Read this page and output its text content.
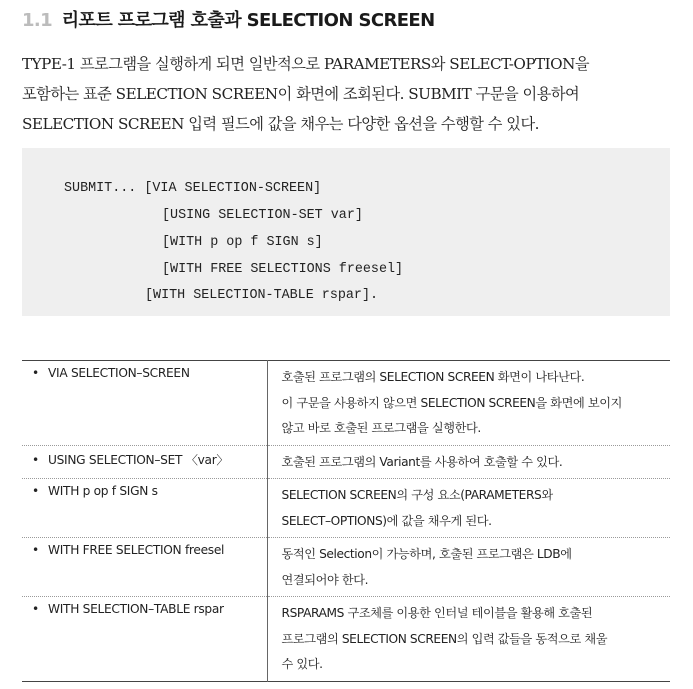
1.1 리포트 프로그램 호출과 SELECTION SCREEN
TYPE-1 프로그램을 실행하게 되면 일반적으로 PARAMETERS와 SELECT-OPTION을
포함하는 표준 SELECTION SCREEN이 화면에 조회된다. SUBMIT 구문을 이용하여
SELECTION SCREEN 입력 필드에 값을 채우는 다양한 옵션을 수행할 수 있다.
SUBMIT... [VIA SELECTION-SCREEN]
[USING SELECTION-SET var]
[WITH p op f SIGN s]
[WITH FREE SELECTIONS freesel]
[WITH SELECTION-TABLE rspar].
• VIA SELECTION–SCREEN	호출된 프로그램의 SELECTION SCREEN 화면이 나타난다.
이 구문을 사용하지 않으면 SELECTION SCREEN을 화면에 보이지
않고 바로 호출된 프로그램을 실행한다.

• USING SELECTION–SET 〈var〉	호출된 프로그램의 Variant를 사용하여 호출할 수 있다.

• WITH p op f SIGN s	SELECTION SCREEN의 구성 요소(PARAMETERS와
SELECT–OPTIONS)에 값을 채우게 된다.

• WITH FREE SELECTION freesel	동적인 Selection이 가능하며, 호출된 프로그램은 LDB에
연결되어야 한다.

• WITH SELECTION–TABLE rspar	RSPARAMS 구조체를 이용한 인터널 테이블을 활용해 호출된
프로그램의 SELECTION SCREEN의 입력 값들을 동적으로 채울
수 있다.
